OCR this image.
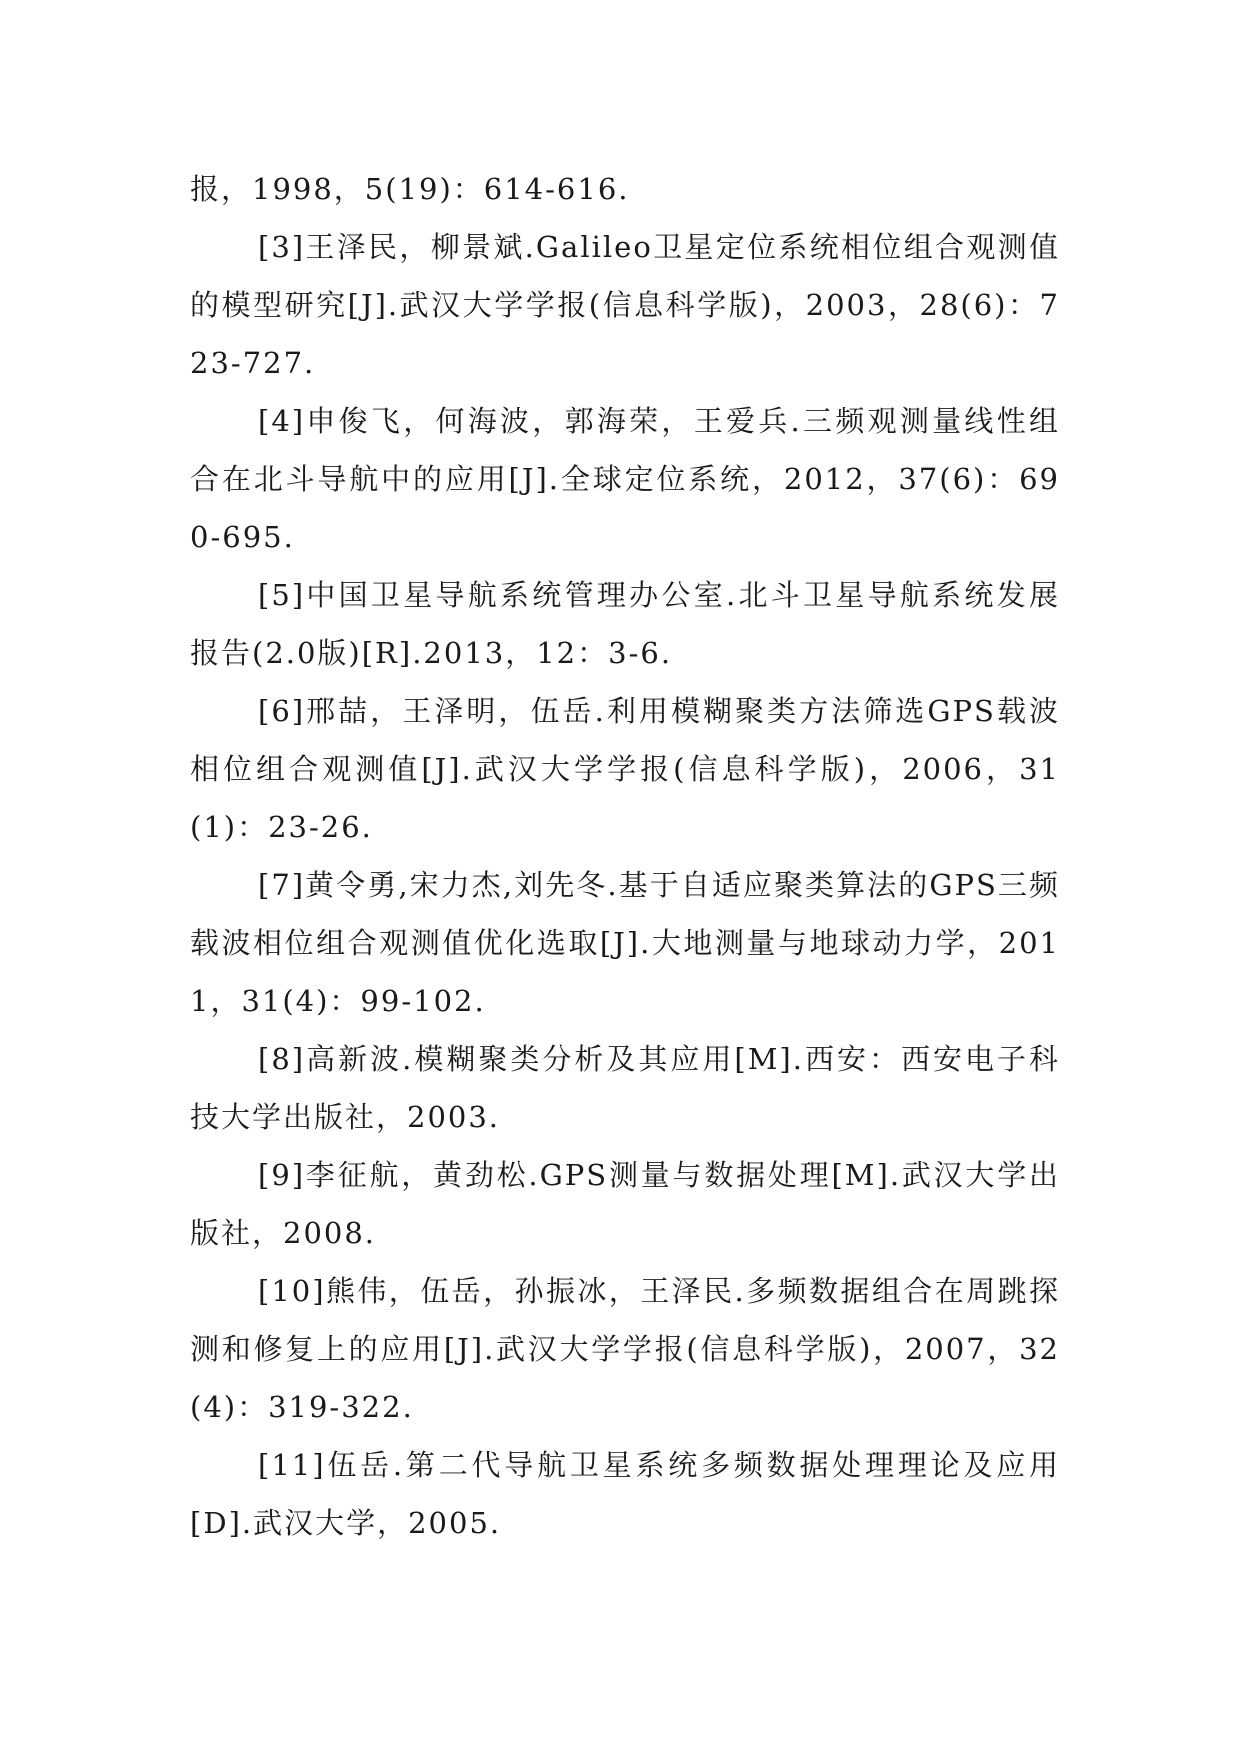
报，1998，5(19)：614-616.

[3]王泽民，柳景斌.Galileo卫星定位系统相位组合观测值的模型研究[J].武汉大学学报(信息科学版)，2003，28(6)：723-727.

[4]申俊飞，何海波，郭海荣，王爱兵.三频观测量线性组合在北斗导航中的应用[J].全球定位系统，2012，37(6)：690-695.

[5]中国卫星导航系统管理办公室.北斗卫星导航系统发展报告(2.0版)[R].2013，12：3-6.

[6]邢喆，王泽明，伍岳.利用模糊聚类方法筛选GPS载波相位组合观测值[J].武汉大学学报(信息科学版)，2006，31(1)：23-26.

[7]黄令勇,宋力杰,刘先冬.基于自适应聚类算法的GPS三频载波相位组合观测值优化选取[J].大地测量与地球动力学，2011，31(4)：99-102.

[8]高新波.模糊聚类分析及其应用[M].西安：西安电子科技大学出版社，2003.

[9]李征航，黄劲松.GPS测量与数据处理[M].武汉大学出版社，2008.

[10]熊伟，伍岳，孙振冰，王泽民.多频数据组合在周跳探测和修复上的应用[J].武汉大学学报(信息科学版)，2007，32(4)：319-322.

[11]伍岳.第二代导航卫星系统多频数据处理理论及应用[D].武汉大学，2005.
